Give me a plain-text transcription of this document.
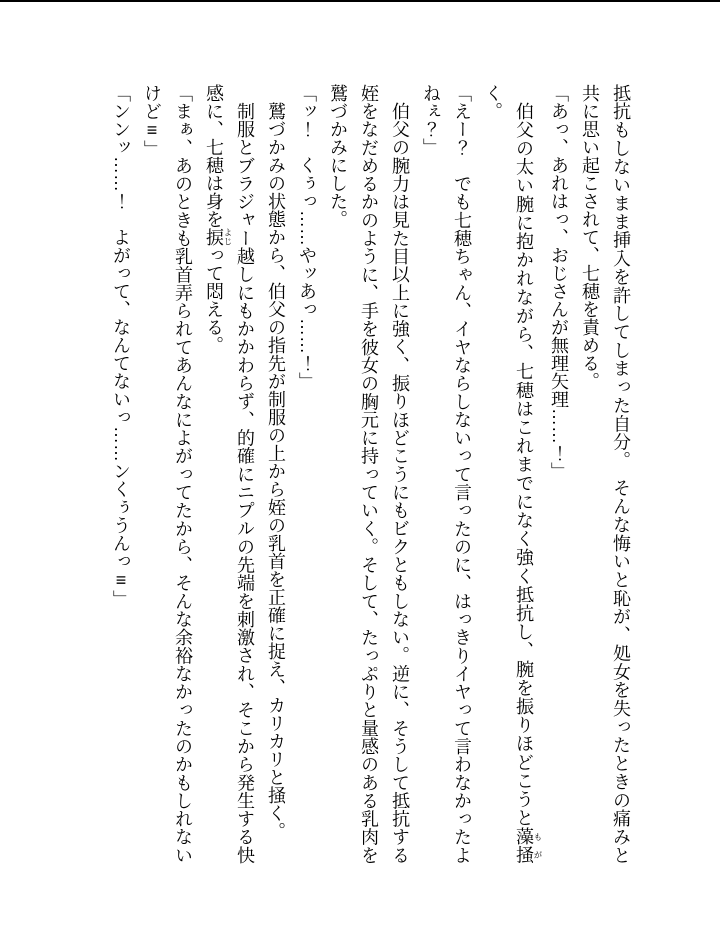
抵抗もしないまま挿入を許してしまった自分。　そんな悔いと恥が、処女を失ったときの痛みと共に思い起こされて、七穂を責める。

「あっ、あれはっ、おじさんが無理矢理……！」

伯父の太い腕に抱かれながら、七穂はこれまでになく強く抵抗し、腕を振りほどこうと藻掻 もがく。

「えー？　でも七穂ちゃん、イヤならしないって言ったのに、はっきりイヤって言わなかったよねぇ？」

伯父の腕力は見た目以上に強く、振りほどこうにもビクともしない。逆に、そうして抵抗する姪をなだめるかのように、手を彼女の胸元に持っていく。そして、たっぷりと量感のある乳肉を鷲づかみにした。

「ッ！　くぅっ……やッあっ……！」

鷲づかみの状態から、伯父の指先が制服の上から姪の乳首を正確に捉え、カリカリと掻く。

制服とブラジャー越しにもかかわらず、的確にニプルの先端を刺激され、そこから発生する快感に、七穂は身を捩 よじって悶える。

「まぁ、あのときも乳首弄られてあんなによがってたから、そんな余裕なかったのかもしれないけど≡」

「ンンッ……！　よがって、なんてないっ……ンくぅうんっ≡」
